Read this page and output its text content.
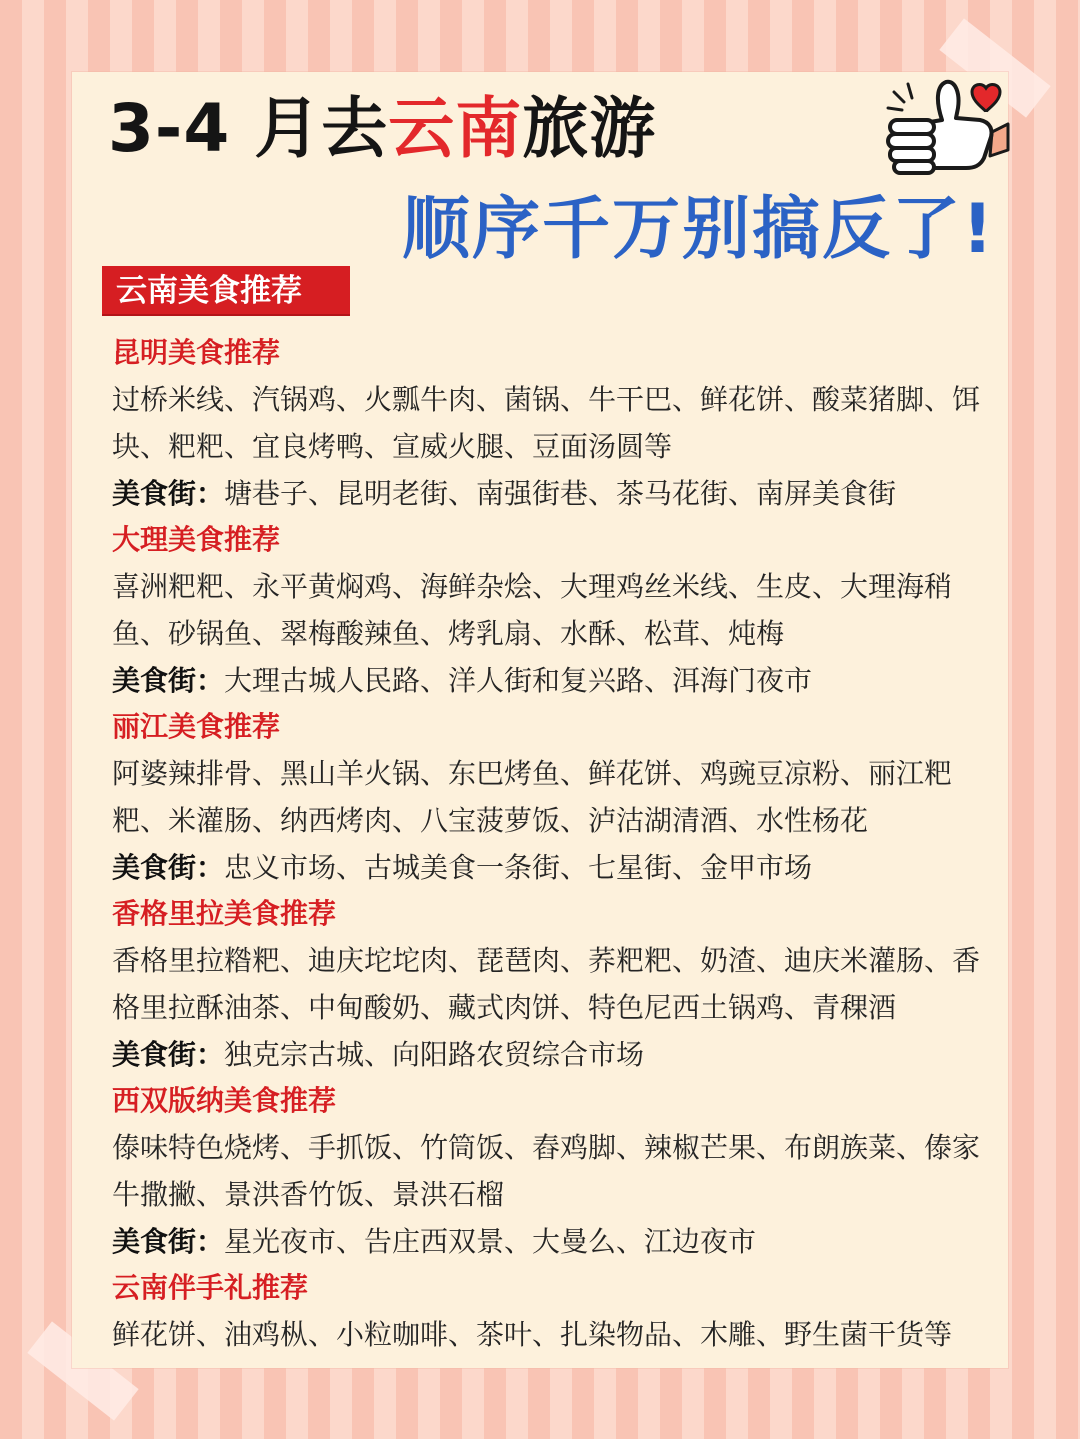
3-4 月去云南旅游
顺序千万别搞反了!
云南美食推荐
昆明美食推荐
过桥米线、汽锅鸡、火瓢牛肉、菌锅、牛干巴、鲜花饼、酸菜猪脚、饵块、粑粑、宜良烤鸭、宣威火腿、豆面汤圆等
美食街：塘巷子、昆明老街、南强街巷、茶马花街、南屏美食街
大理美食推荐
喜洲粑粑、永平黄焖鸡、海鲜杂烩、大理鸡丝米线、生皮、大理海稍鱼、砂锅鱼、翠梅酸辣鱼、烤乳扇、水酥、松茸、炖梅
美食街：大理古城人民路、洋人街和复兴路、洱海门夜市
丽江美食推荐
阿婆辣排骨、黑山羊火锅、东巴烤鱼、鲜花饼、鸡豌豆凉粉、丽江粑粑、米灌肠、纳西烤肉、八宝菠萝饭、泸沽湖清酒、水性杨花
美食街：忠义市场、古城美食一条街、七星街、金甲市场
香格里拉美食推荐
香格里拉糌粑、迪庆坨坨肉、琵琶肉、荞粑粑、奶渣、迪庆米灌肠、香格里拉酥油茶、中甸酸奶、藏式肉饼、特色尼西土锅鸡、青稞酒
美食街：独克宗古城、向阳路农贸综合市场
西双版纳美食推荐
傣味特色烧烤、手抓饭、竹筒饭、舂鸡脚、辣椒芒果、布朗族菜、傣家牛撒撇、景洪香竹饭、景洪石榴
美食街：星光夜市、告庄西双景、大曼么、江边夜市
云南伴手礼推荐
鲜花饼、油鸡枞、小粒咖啡、茶叶、扎染物品、木雕、野生菌干货等
